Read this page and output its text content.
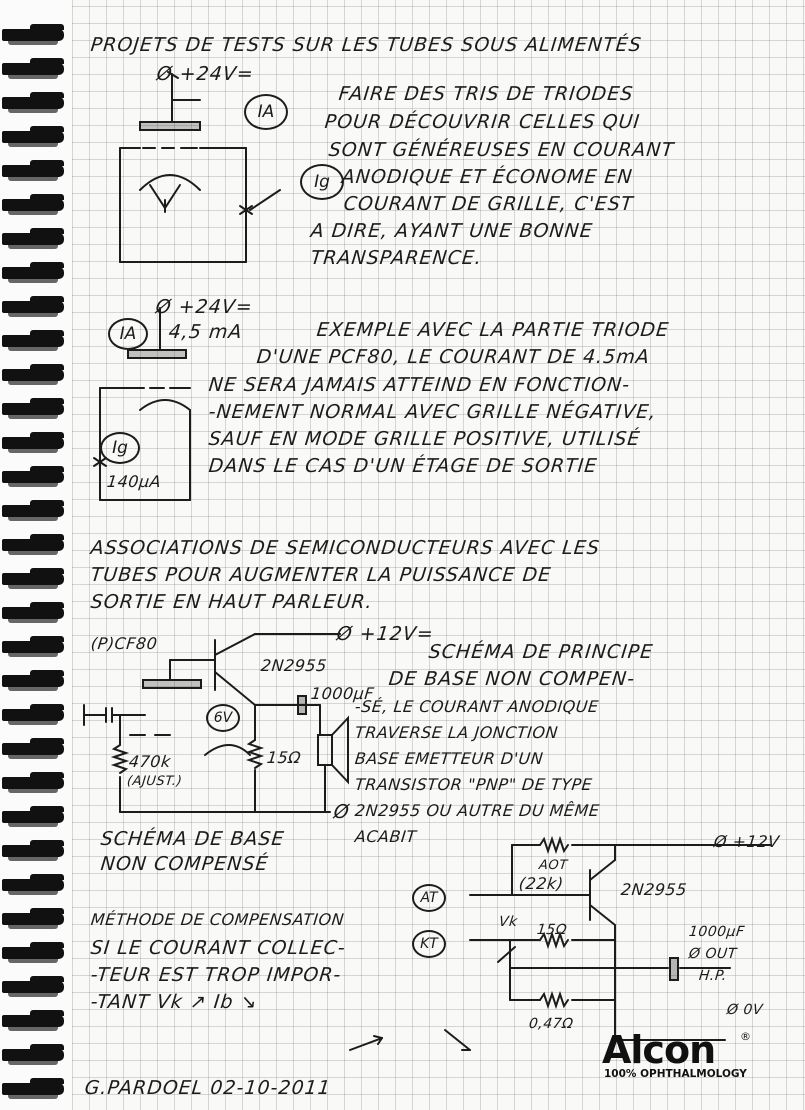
PROJETS DE TESTS SUR LES TUBES SOUS ALIMENTÉS
Ø +24V=
IA
Ig
FAIRE DES TRIS DE TRIODES
POUR DÉCOUVRIR CELLES QUI
SONT GÉNÉREUSES EN COURANT
ANODIQUE ET ÉCONOME EN
COURANT DE GRILLE, C'EST
A DIRE, AYANT UNE BONNE
TRANSPARENCE.
Ø +24V=
IA	4,5 mA
Ig
140µA
EXEMPLE AVEC LA PARTIE TRIODE
D'UNE PCF80, LE COURANT DE 4.5mA
NE SERA JAMAIS ATTEIND EN FONCTION-
-NEMENT NORMAL AVEC GRILLE NÉGATIVE,
SAUF EN MODE GRILLE POSITIVE, UTILISÉ
DANS LE CAS D'UN ÉTAGE DE SORTIE
ASSOCIATIONS DE SEMICONDUCTEURS AVEC LES
TUBES POUR AUGMENTER LA PUISSANCE DE
SORTIE EN HAUT PARLEUR.
(P)CF80	Ø +12V=
2N2955
1000µF
6V
470k
(AJUST.)
15Ω
Ø
SCHÉMA DE BASE
NON COMPENSÉ
SCHÉMA DE PRINCIPE
DE BASE NON COMPEN-
-SÉ, LE COURANT ANODIQUE
TRAVERSE LA JONCTION
BASE EMETTEUR D'UN
TRANSISTOR "PNP" DE TYPE
2N2955 OU AUTRE DU MÊME
ACABIT	Ø +12V
AOT
(22k)	2N2955
AT
KT
Vk 15Ω
0,47Ω
1000µF
Ø OUT
H.P.
Ø 0V
MÉTHODE DE COMPENSATION
SI LE COURANT COLLEC-
-TEUR EST TROP IMPOR-
-TANT Vk ↗ Ib ↘
G.PARDOEL 02-10-2011
Alcon ®
100% OPHTHALMOLOGY
